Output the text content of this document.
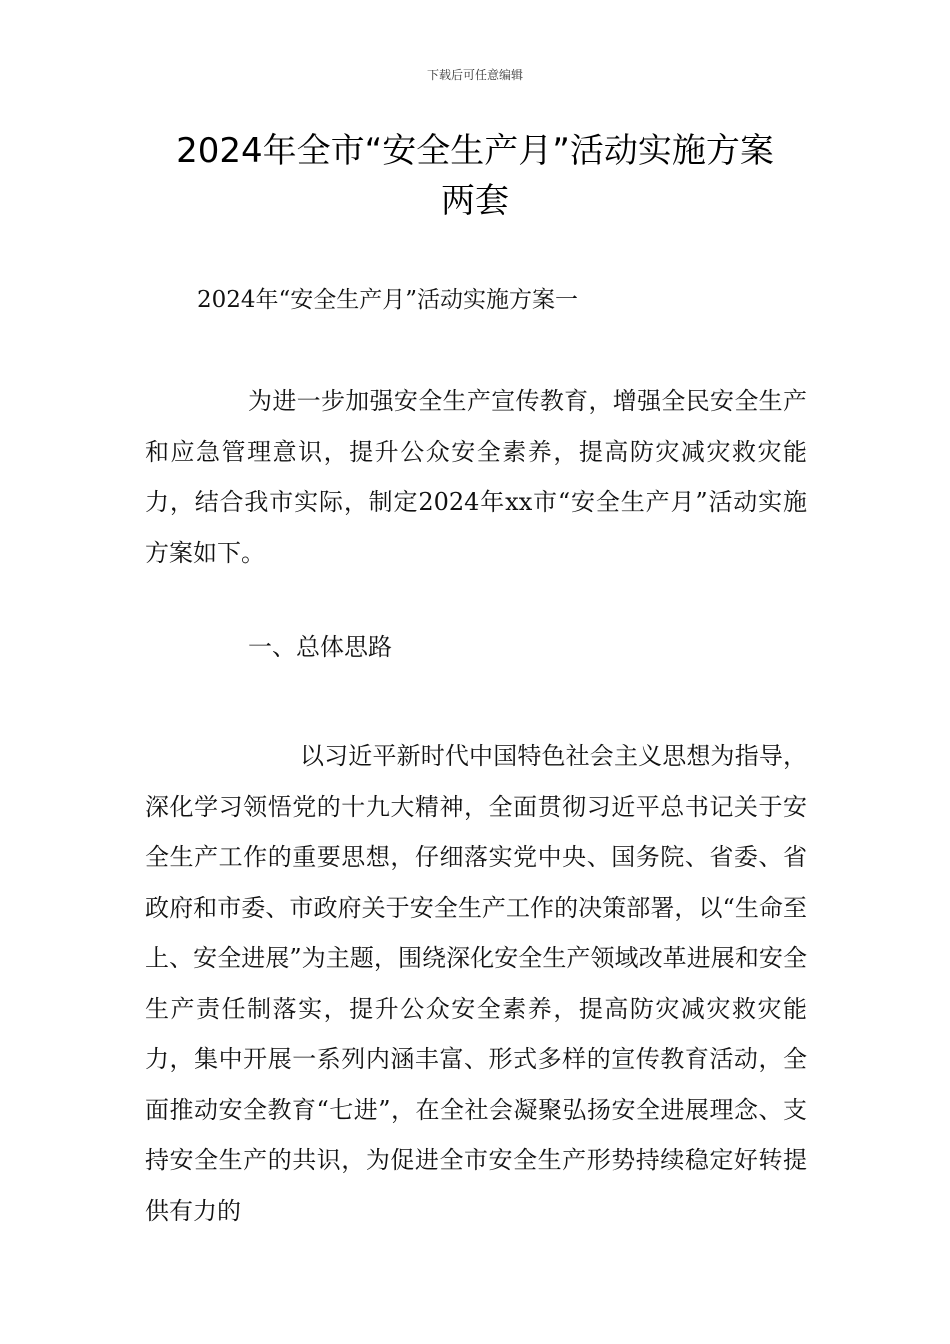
下载后可任意编辑
2024年全市“安全生产月”活动实施方案
两套
2024年“安全生产月”活动实施方案一

为进一步加强安全生产宣传教育，增强全民安全生产和应急管理意识，提升公众安全素养，提高防灾减灾救灾能力，结合我市实际，制定2024年xx市“安全生产月”活动实施方案如下。

一、总体思路

以习近平新时代中国特色社会主义思想为指导，深化学习领悟党的十九大精神，全面贯彻习近平总书记关于安全生产工作的重要思想，仔细落实党中央、国务院、省委、省政府和市委、市政府关于安全生产工作的决策部署，以“生命至上、安全进展”为主题，围绕深化安全生产领域改革进展和安全生产责任制落实，提升公众安全素养，提高防灾减灾救灾能力，集中开展一系列内涵丰富、形式多样的宣传教育活动，全面推动安全教育“七进”，在全社会凝聚弘扬安全进展理念、支持安全生产的共识，为促进全市安全生产形势持续稳定好转提供有力的
